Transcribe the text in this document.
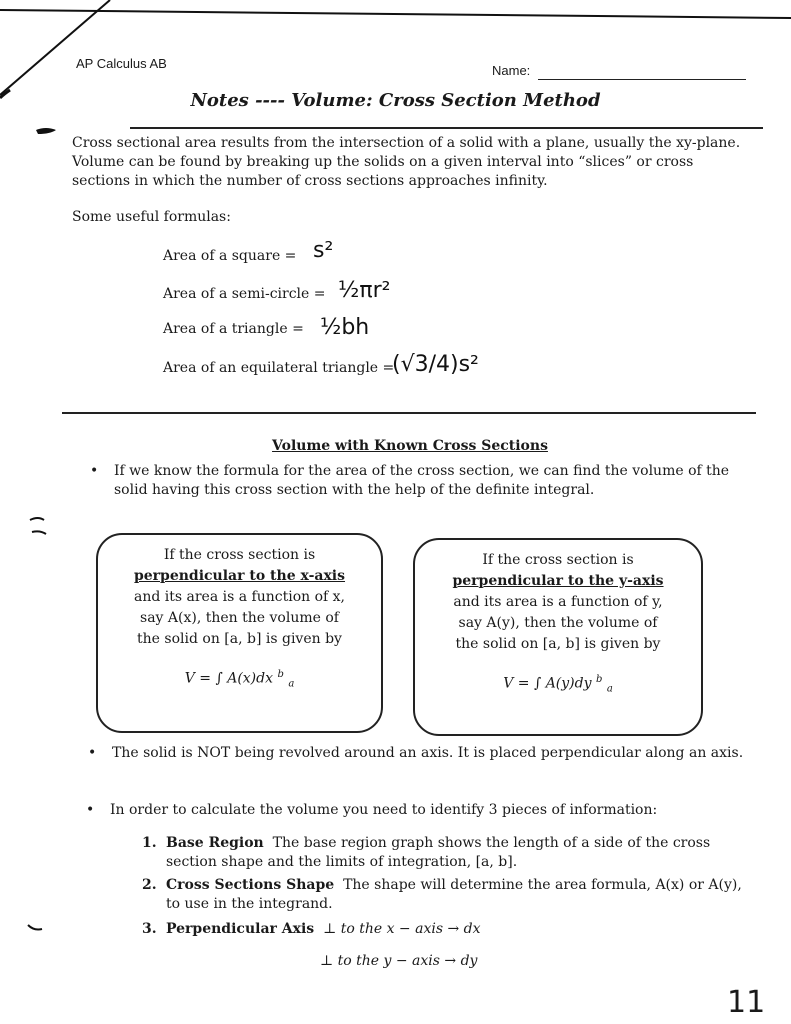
AP Calculus AB	Name:
Notes ---- Volume: Cross Section Method
Cross sectional area results from the intersection of a solid with a plane, usually the xy-plane. Volume can be found by breaking up the solids on a given interval into “slices” or cross sections in which the number of cross sections approaches infinity.
Some useful formulas:
Area of a square = s²
Area of a semi-circle = ½πr²
Area of a triangle = ½bh
Area of an equilateral triangle =
(√3/4)s²
Volume with Known Cross Sections
• If we know the formula for the area of the cross section, we can find the volume of the solid having this cross section with the help of the definite integral.
If the cross section is
perpendicular to the x-axis
and its area is a function of x,
say A(x), then the volume of
the solid on [a, b] is given by
V = ∫ A(x)dx $^b$ $_a$
If the cross section is
perpendicular to the y-axis
and its area is a function of y,
say A(y), then the volume of
the solid on [a, b] is given by
V = ∫ A(y)dy $^b$ $_a$
• The solid is NOT being revolved around an axis. It is placed perpendicular along an axis.
• In order to calculate the volume you need to identify 3 pieces of information:
1. Base Region The base region graph shows the length of a side of the cross section shape and the limits of integration, [a, b].
2. Cross Sections Shape The shape will determine the area formula, A(x) or A(y), to use in the integrand.
3. Perpendicular Axis ⊥ to the x − axis → dx
⊥ to the y − axis → dy
11
